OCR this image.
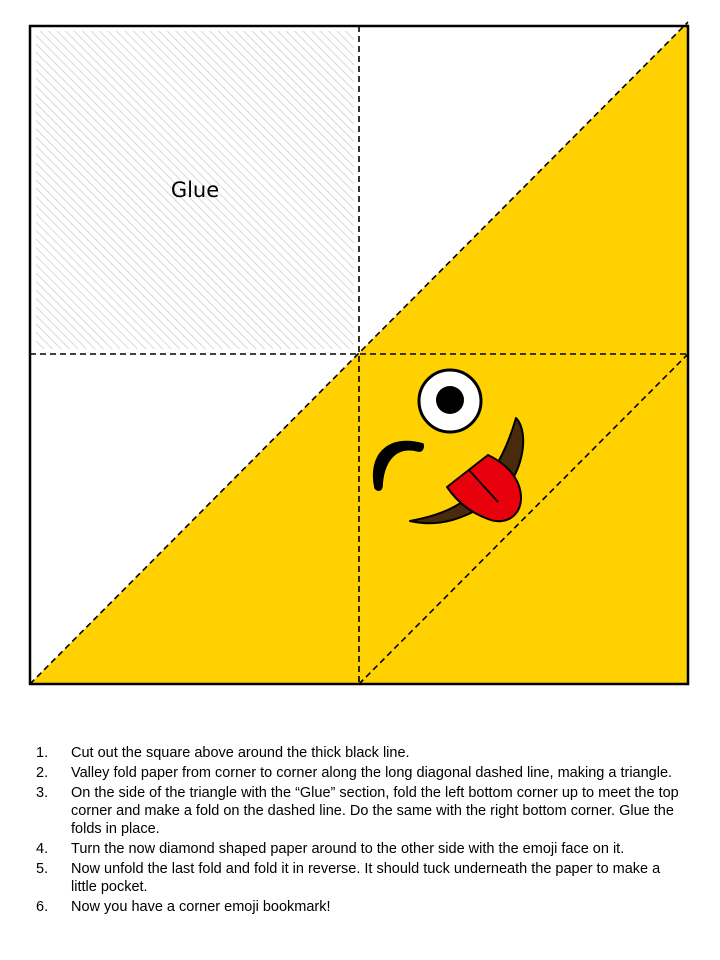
Glue
1. Cut out the square above around the thick black line.
2. Valley fold paper from corner to corner along the long diagonal dashed line, making a triangle.
3. On the side of the triangle with the “Glue” section, fold the left bottom corner up to meet the top corner and make a fold on the dashed line. Do the same with the right bottom corner. Glue the folds in place.
4. Turn the now diamond shaped paper around to the other side with the emoji face on it.
5. Now unfold the last fold and fold it in reverse. It should tuck underneath the paper to make a little pocket.
6. Now you have a corner emoji bookmark!
